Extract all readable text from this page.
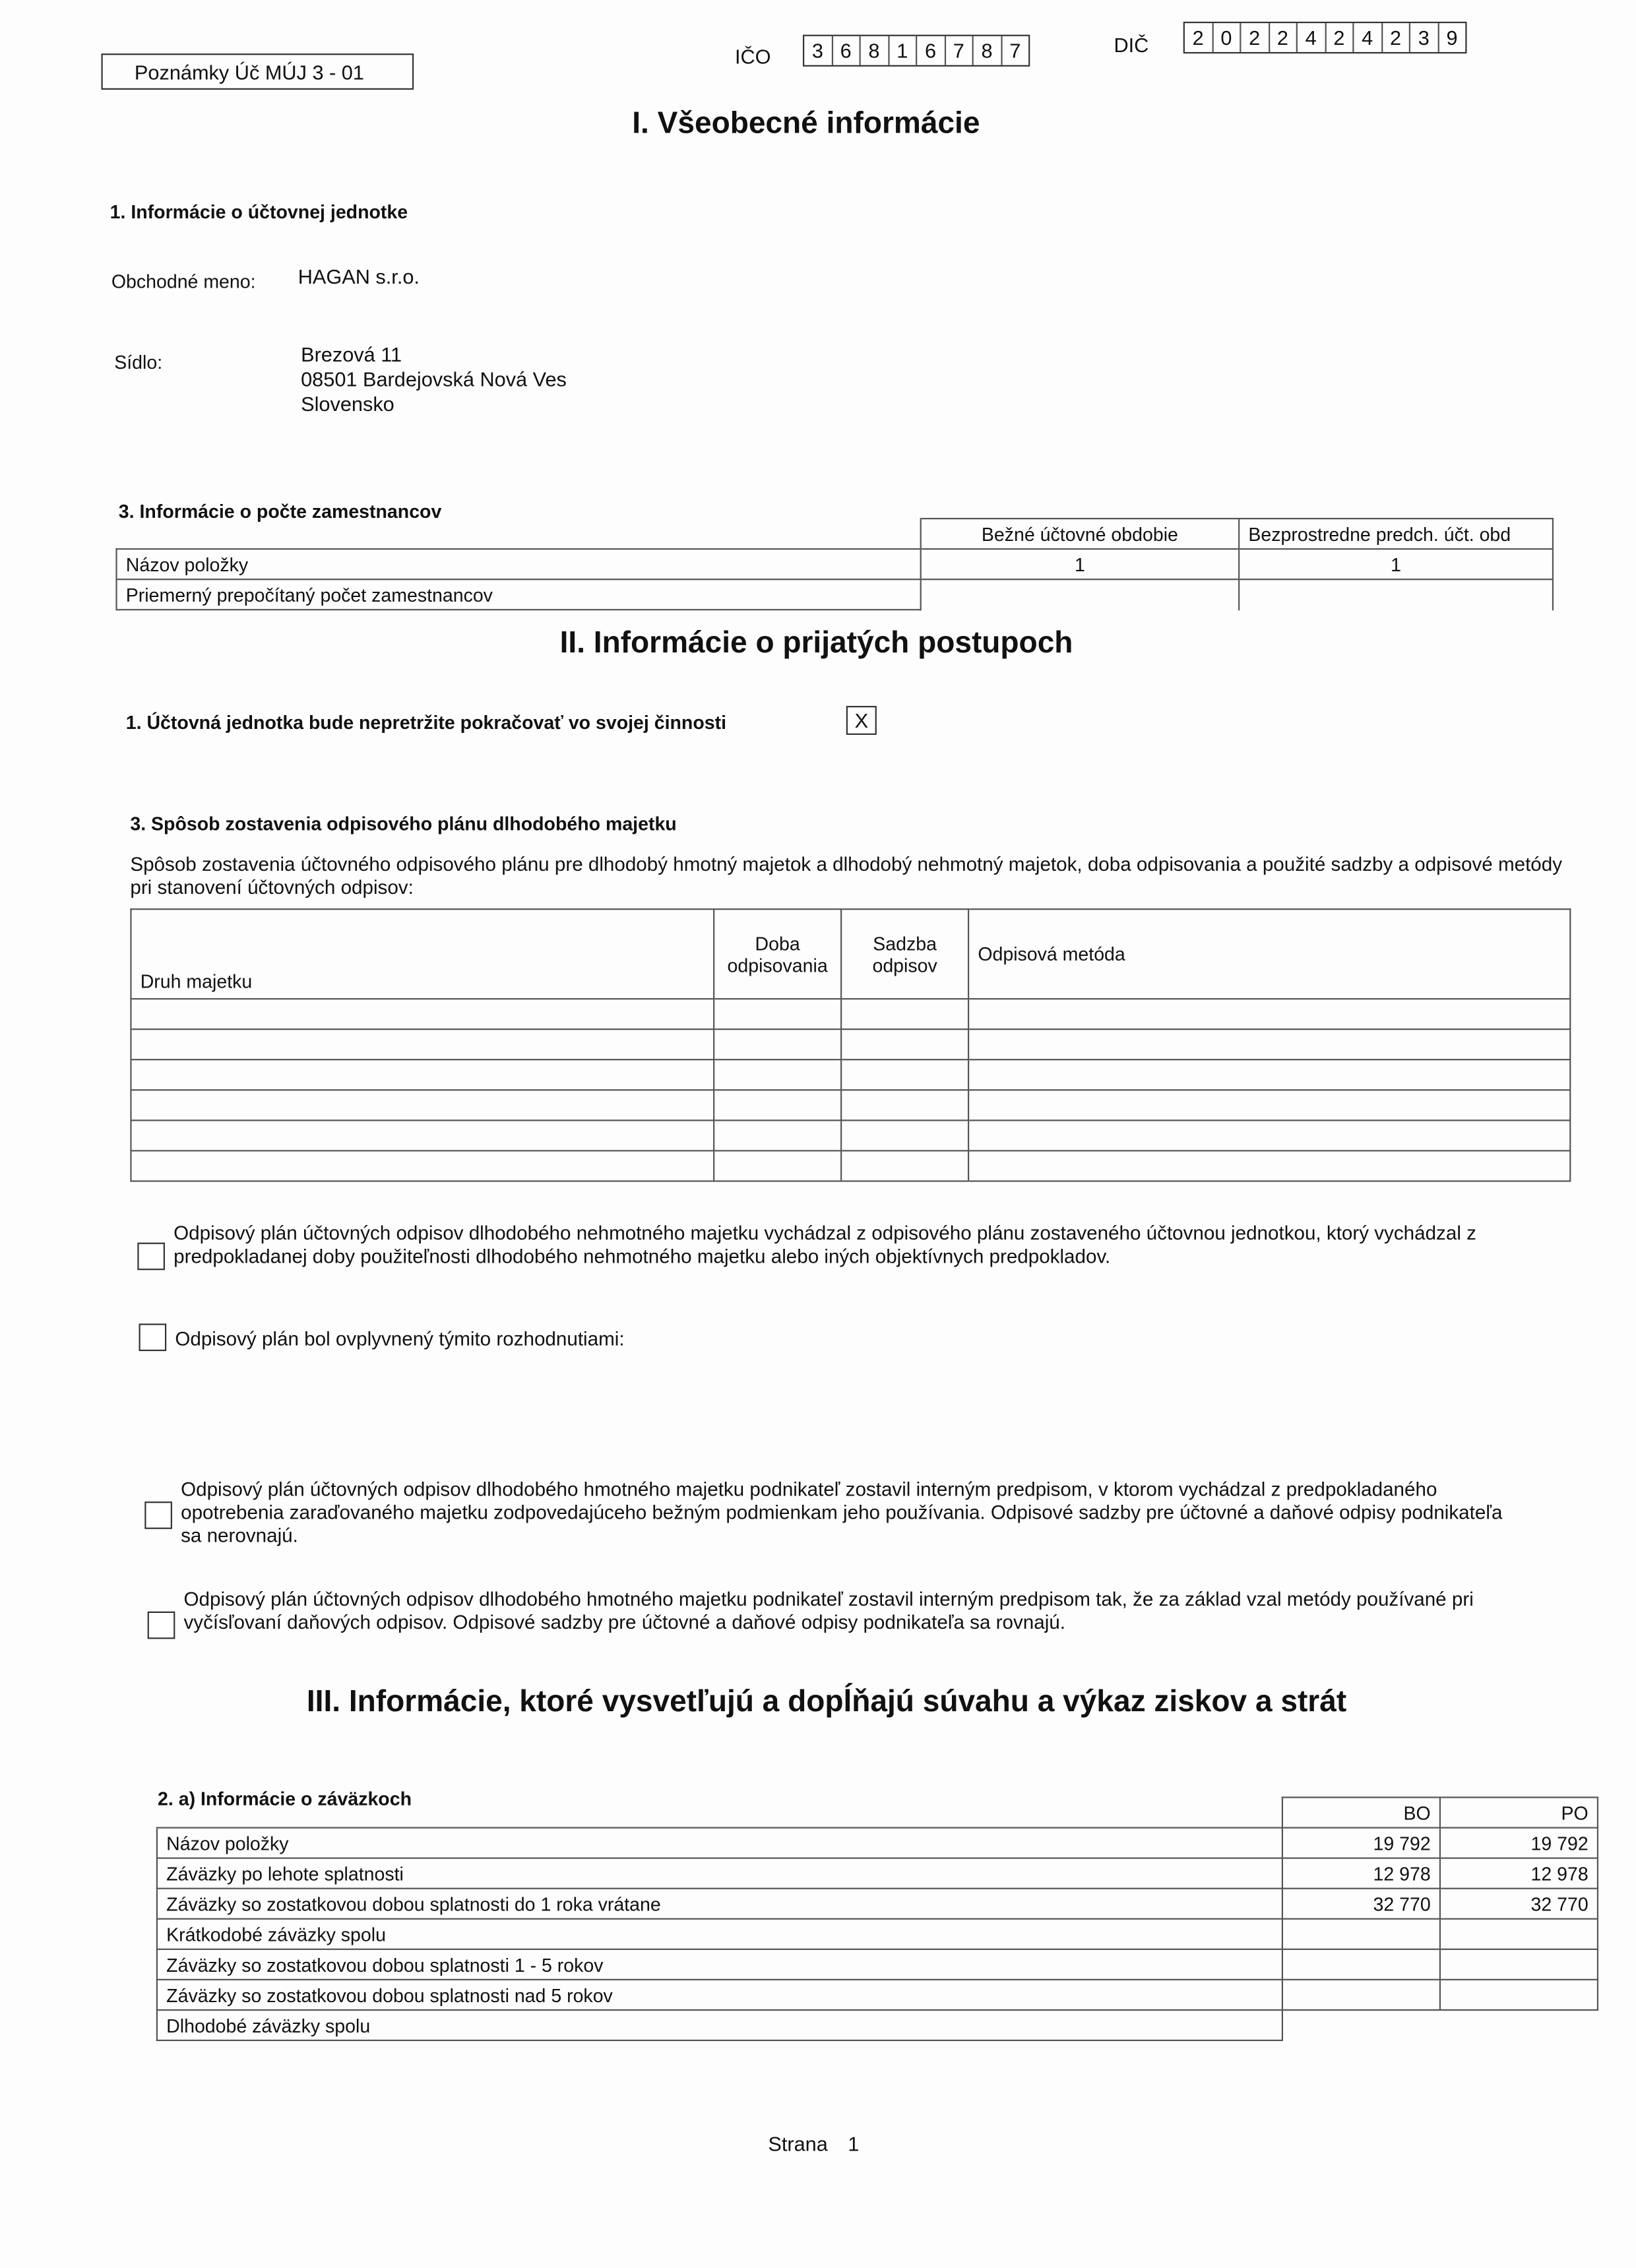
Poznámky Úč MÚJ 3 - 01
IČO	3	6	8	1	6	7	8	7	DIČ	2	0	2	2	4	2	4	2	3	9
I. Všeobecné informácie
1. Informácie o účtovnej jednotke
Obchodné meno:	HAGAN s.r.o.
Sídlo:	Brezová 11
08501 Bardejovská Nová Ves
Slovensko
3. Informácie o počte zamestnancov
	Bežné účtovné obdobie	Bezprostredne predch. účt. obd
Názov položky	1	1
Priemerný prepočítaný počet zamestnancov		
II. Informácie o prijatých postupoch
1. Účtovná jednotka bude nepretržite pokračovať vo svojej činnosti	X
3. Spôsob zostavenia odpisového plánu dlhodobého majetku
Spôsob zostavenia účtovného odpisového plánu pre dlhodobý hmotný majetok a dlhodobý nehmotný majetok, doba odpisovania a použité sadzby a odpisové metódy pri stanovení účtovných odpisov:
Druh majetku	Doba odpisovania	Sadzba odpisov	Odpisová metóda

Odpisový plán účtovných odpisov dlhodobého nehmotného majetku vychádzal z odpisového plánu zostaveného účtovnou jednotkou, ktorý vychádzal z predpokladanej doby použiteľnosti dlhodobého nehmotného majetku alebo iných objektívnych predpokladov.
Odpisový plán bol ovplyvnený týmito rozhodnutiami:
Odpisový plán účtovných odpisov dlhodobého hmotného majetku podnikateľ zostavil interným predpisom, v ktorom vychádzal z predpokladaného opotrebenia zaraďovaného majetku zodpovedajúceho bežným podmienkam jeho používania. Odpisové sadzby pre účtovné a daňové odpisy podnikateľa sa nerovnajú.
Odpisový plán účtovných odpisov dlhodobého hmotného majetku podnikateľ zostavil interným predpisom tak, že za základ vzal metódy používané pri vyčísľovaní daňových odpisov. Odpisové sadzby pre účtovné a daňové odpisy podnikateľa sa rovnajú.
III. Informácie, ktoré vysvetľujú a dopĺňajú súvahu a výkaz ziskov a strát
2. a) Informácie o záväzkoch
	BO	PO
Názov položky	19 792	19 792
Záväzky po lehote splatnosti	12 978	12 978
Záväzky so zostatkovou dobou splatnosti do 1 roka vrátane	32 770	32 770
Krátkodobé záväzky spolu		
Záväzky so zostatkovou dobou splatnosti 1 - 5 rokov		
Záväzky so zostatkovou dobou splatnosti nad 5 rokov		
Dlhodobé záväzky spolu		
Strana 1
